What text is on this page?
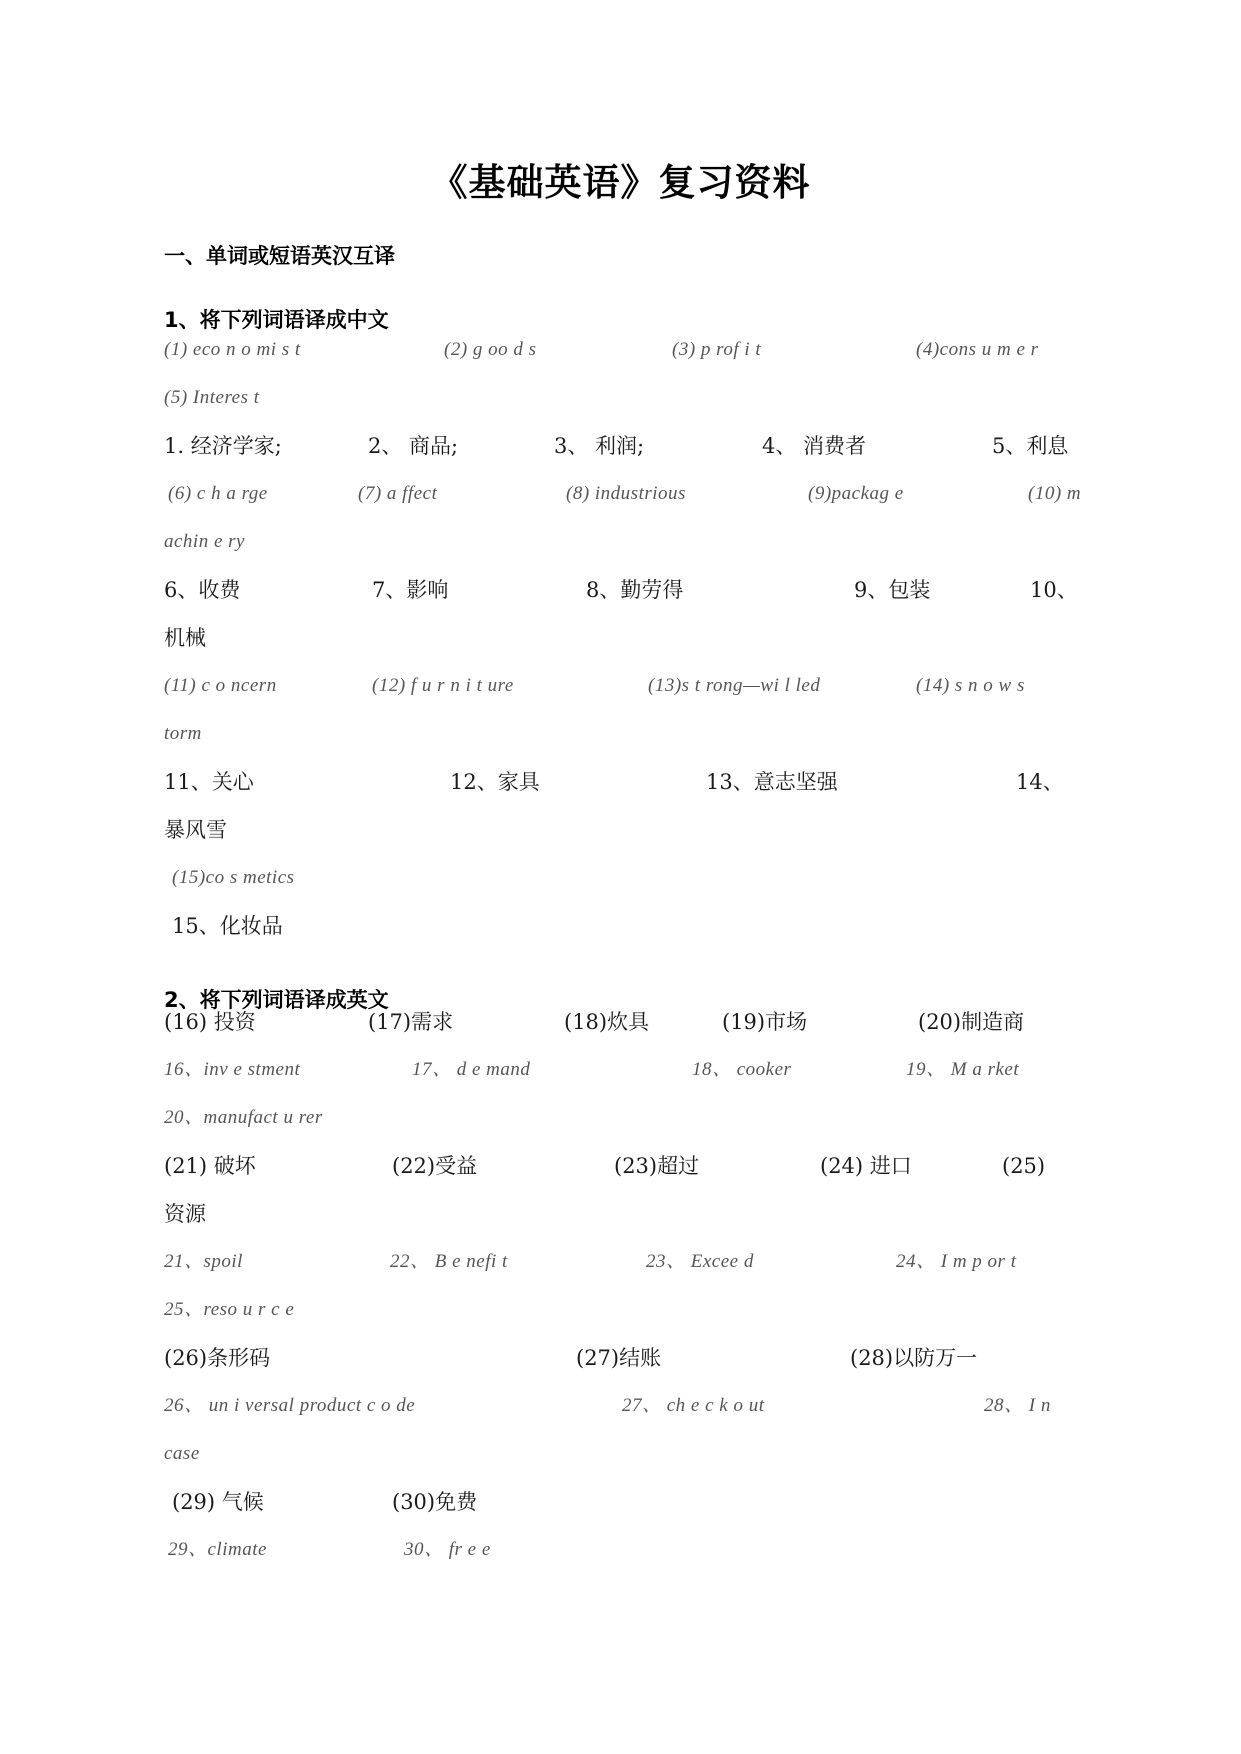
《基础英语》复习资料
一、单词或短语英汉互译
1、将下列词语译成中文
2、将下列词语译成英文
(1) eco n o mi s t	(2) g oo d s	(3) p rof i t	(4)cons u m e r
(5) Interes t
1. 经济学家;	2、 商品;	3、 利润;	4、 消费者	5、利息
(6) c h a rge	(7) a ffect	(8) industrious	(9)packag e	(10) m
achin e ry
6、收费	7、影响	8、勤劳得	9、包装	10、
机械
(11) c o ncern	(12) f u r n i t ure	(13)s t rong—wi l led	(14) s n o w s
torm
11、关心	12、家具	13、意志坚强	14、
暴风雪
(15)co s metics
15、化妆品
(16) 投资	(17)需求	(18)炊具	(19)市场	(20)制造商
16、inv e stment	17、 d e mand	18、 cooker	19、 M a rket
20、manufact u rer
(21) 破坏	(22)受益	(23)超过	(24) 进口	(25)
资源
21、spoil	22、 B e nefi t	23、 Excee d	24、 I m p or t
25、reso u r c e
(26)条形码	(27)结账	(28)以防万一
26、 un i versal product c o de	27、 ch e c k o ut	28、 I n
case
(29) 气候	(30)免费
29、climate	30、 fr e e
